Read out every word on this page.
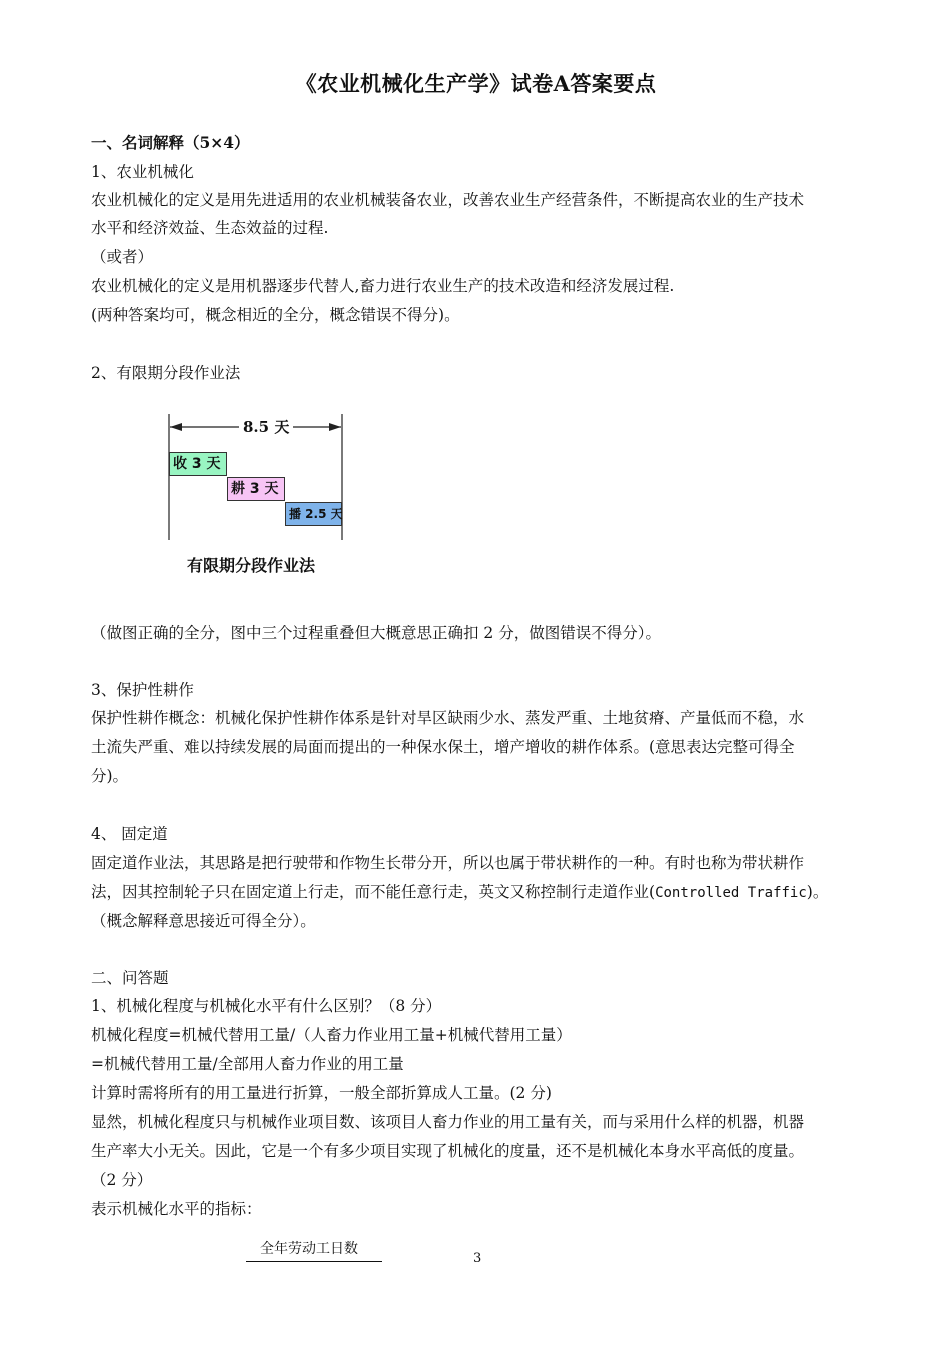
《农业机械化生产学》试卷A答案要点
一、名词解释（5×4）
1、农业机械化
农业机械化的定义是用先进适用的农业机械装备农业，改善农业生产经营条件，不断提高农业的生产技术
水平和经济效益、生态效益的过程.
（或者）
农业机械化的定义是用机器逐步代替人,畜力进行农业生产的技术改造和经济发展过程.
(两种答案均可，概念相近的全分，概念错误不得分)。
2、有限期分段作业法
8.5 天
收 3 天
耕 3 天
播 2.5 天
有限期分段作业法
（做图正确的全分，图中三个过程重叠但大概意思正确扣 2 分，做图错误不得分）。
3、保护性耕作
保护性耕作概念：机械化保护性耕作体系是针对旱区缺雨少水、蒸发严重、土地贫瘠、产量低而不稳，水
土流失严重、难以持续发展的局面而提出的一种保水保土，增产增收的耕作体系。(意思表达完整可得全
分)。
4、 固定道
固定道作业法，其思路是把行驶带和作物生长带分开，所以也属于带状耕作的一种。有时也称为带状耕作
法，因其控制轮子只在固定道上行走，而不能任意行走，英文又称控制行走道作业(Controlled Traffic)。
（概念解释意思接近可得全分）。
二、问答题
1、机械化程度与机械化水平有什么区别？（8 分）
机械化程度=机械代替用工量/（人畜力作业用工量+机械代替用工量）
=机械代替用工量/全部用人畜力作业的用工量
计算时需将所有的用工量进行折算，一般全部折算成人工量。(2 分)
显然，机械化程度只与机械作业项目数、该项目人畜力作业的用工量有关，而与采用什么样的机器，机器
生产率大小无关。因此，它是一个有多少项目实现了机械化的度量，还不是机械化本身水平高低的度量。
（2 分）
表示机械化水平的指标：
全年劳动工日数
3
